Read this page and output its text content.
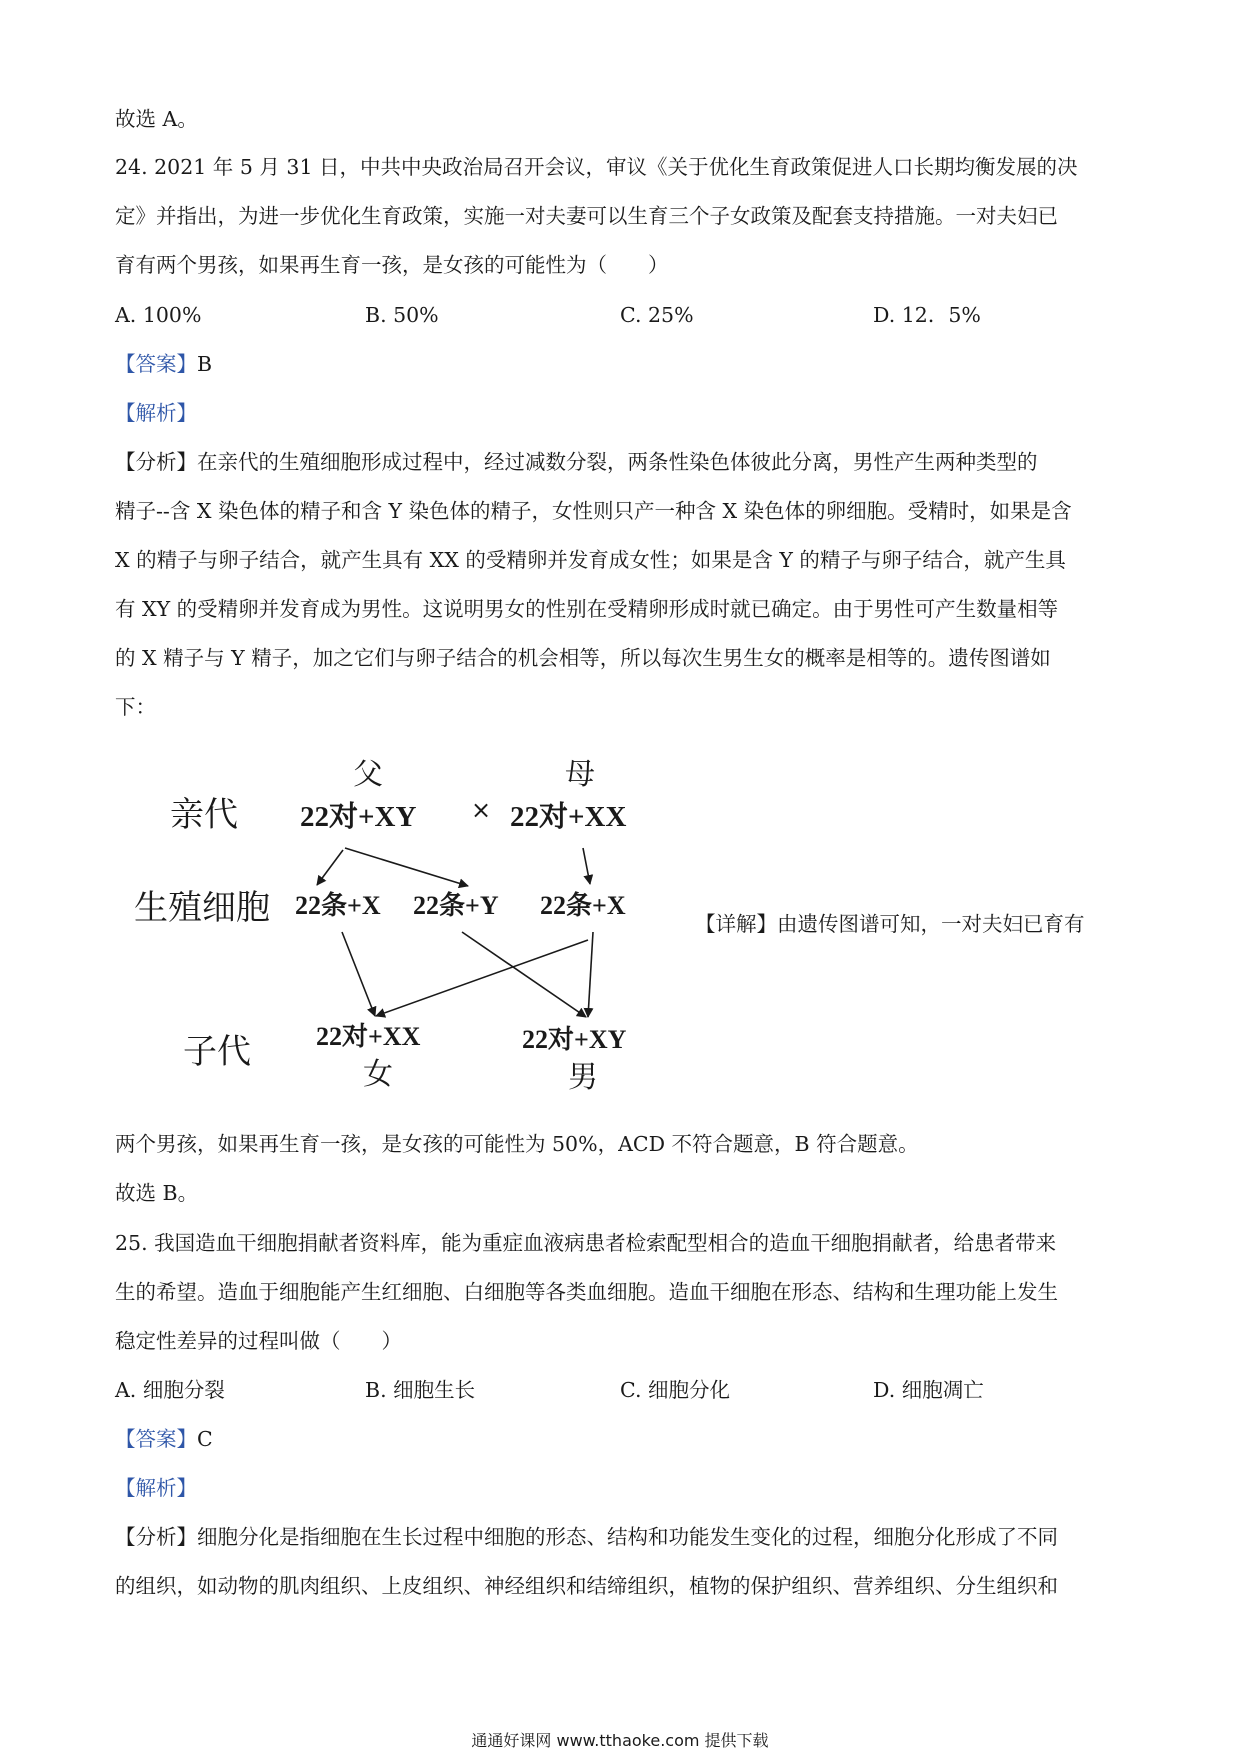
故选 A。
24. 2021 年 5 月 31 日，中共中央政治局召开会议，审议《关于优化生育政策促进人口长期均衡发展的决
定》并指出，为进一步优化生育政策，实施一对夫妻可以生育三个子女政策及配套支持措施。一对夫妇已
育有两个男孩，如果再生育一孩，是女孩的可能性为（　　）
A. 100%	B. 50%	C. 25%	D. 12．5%
【答案】B
【解析】
【分析】在亲代的生殖细胞形成过程中，经过减数分裂，两条性染色体彼此分离，男性产生两种类型的
精子--含 X 染色体的精子和含 Y 染色体的精子，女性则只产一种含 X 染色体的卵细胞。受精时，如果是含
X 的精子与卵子结合，就产生具有 XX 的受精卵并发育成女性；如果是含 Y 的精子与卵子结合，就产生具
有 XY 的受精卵并发育成为男性。这说明男女的性别在受精卵形成时就已确定。由于男性可产生数量相等
的 X 精子与 Y 精子，加之它们与卵子结合的机会相等，所以每次生男生女的概率是相等的。遗传图谱如
下：
父	母
亲代 22对+XY × 22对+XX
生殖细胞 22条+X 22条+Y 22条+X
子代	22对+XX
女
22对+XY
男
【详解】由遗传图谱可知，一对夫妇已育有
两个男孩，如果再生育一孩，是女孩的可能性为 50%，ACD 不符合题意，B 符合题意。
故选 B。
25. 我国造血干细胞捐献者资料库，能为重症血液病患者检索配型相合的造血干细胞捐献者，给患者带来
生的希望。造血于细胞能产生红细胞、白细胞等各类血细胞。造血干细胞在形态、结构和生理功能上发生
稳定性差异的过程叫做（　　）
A. 细胞分裂	B. 细胞生长	C. 细胞分化	D. 细胞凋亡
【答案】C
【解析】
【分析】细胞分化是指细胞在生长过程中细胞的形态、结构和功能发生变化的过程，细胞分化形成了不同
的组织，如动物的肌肉组织、上皮组织、神经组织和结缔组织，植物的保护组织、营养组织、分生组织和
通通好课网 www.tthaoke.com 提供下载
